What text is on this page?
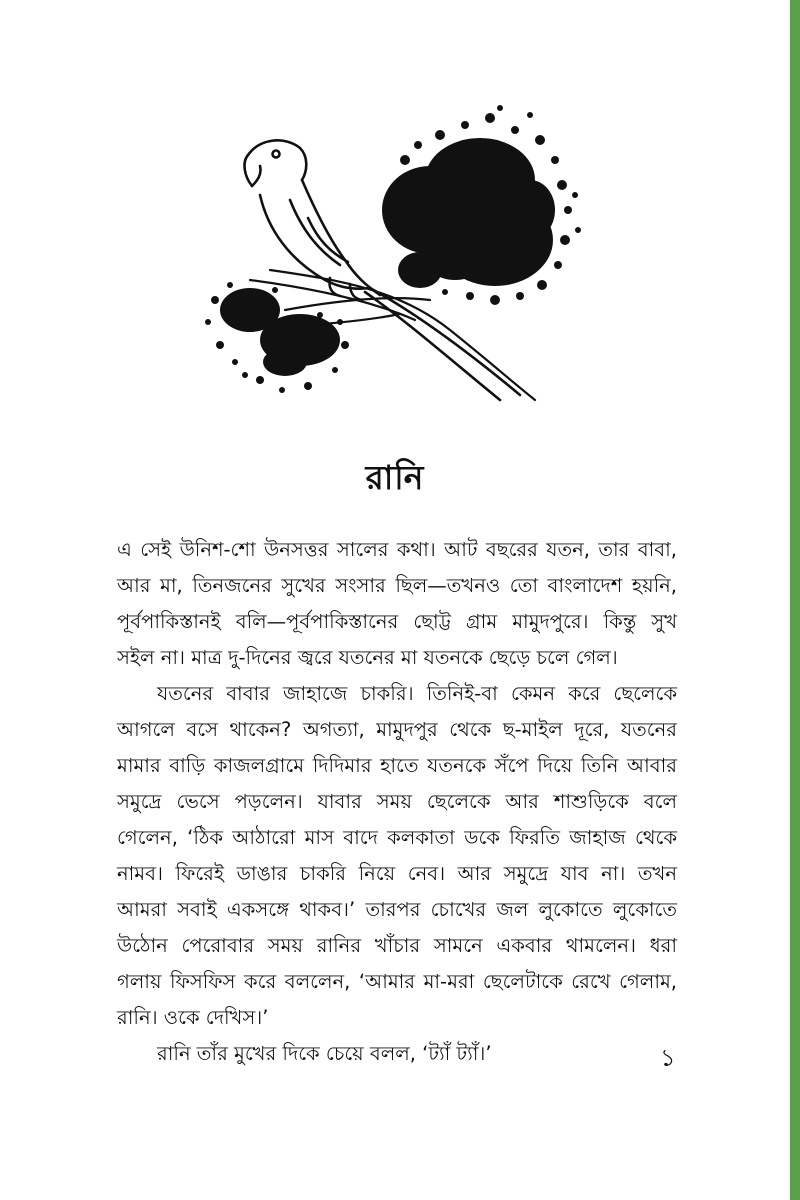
রানি
এ সেই উনিশ-শো উনসত্তর সালের কথা। আট বছরের যতন, তার বাবা,
আর মা, তিনজনের সুখের সংসার ছিল—তখনও তো বাংলাদেশ হয়নি,
পূর্বপাকিস্তানই বলি—পূর্বপাকিস্তানের ছোট্ট গ্রাম মামুদপুরে। কিন্তু সুখ
সইল না। মাত্র দু-দিনের জ্বরে যতনের মা যতনকে ছেড়ে চলে গেল।
যতনের বাবার জাহাজে চাকরি। তিনিই-বা কেমন করে ছেলেকে
আগলে বসে থাকেন? অগত্যা, মামুদপুর থেকে ছ-মাইল দূরে, যতনের
মামার বাড়ি কাজলগ্রামে দিদিমার হাতে যতনকে সঁপে দিয়ে তিনি আবার
সমুদ্রে ভেসে পড়লেন। যাবার সময় ছেলেকে আর শাশুড়িকে বলে
গেলেন, ‘ঠিক আঠারো মাস বাদে কলকাতা ডকে ফিরতি জাহাজ থেকে
নামব। ফিরেই ডাঙার চাকরি নিয়ে নেব। আর সমুদ্রে যাব না। তখন
আমরা সবাই একসঙ্গে থাকব।’ তারপর চোখের জল লুকোতে লুকোতে
উঠোন পেরোবার সময় রানির খাঁচার সামনে একবার থামলেন। ধরা
গলায় ফিসফিস করে বললেন, ‘আমার মা-মরা ছেলেটাকে রেখে গেলাম,
রানি। ওকে দেখিস।’
রানি তাঁর মুখের দিকে চেয়ে বলল, ‘ট্যাঁ ট্যাঁ।’	১
